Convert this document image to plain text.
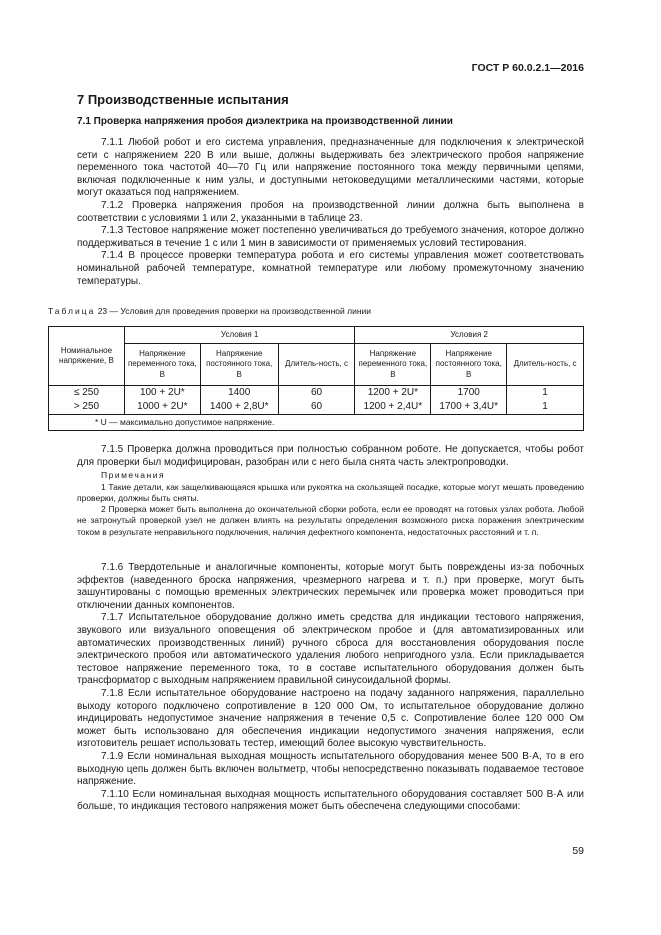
ГОСТ Р 60.0.2.1—2016
7 Производственные испытания
7.1 Проверка напряжения пробоя диэлектрика на производственной линии

7.1.1 Любой робот и его система управления, предназначенные для подключения к электрической сети с напряжением 220 В или выше, должны выдерживать без электрического пробоя напряжение переменного тока частотой 40—70 Гц или напряжение постоянного тока между первичными цепями, включая подключенные к ним узлы, и доступными нетоковедущими металлическими частями, которые могут оказаться под напряжением.

7.1.2 Проверка напряжения пробоя на производственной линии должна быть выполнена в соответствии с условиями 1 или 2, указанными в таблице 23.

7.1.3 Тестовое напряжение может постепенно увеличиваться до требуемого значения, которое должно поддерживаться в течение 1 с или 1 мин в зависимости от применяемых условий тестирования.

7.1.4 В процессе проверки температура робота и его системы управления может соответствовать номинальной рабочей температуре, комнатной температуре или любому промежуточному значению температуры.

Таблица 23 — Условия для проведения проверки на производственной линии
Номинальное напряжение, В	Условия 1			Условия 2		
	Напряжение переменного тока, В	Напряжение постоянного тока, В	Длитель-ность, с	Напряжение переменного тока, В	Напряжение постоянного тока, В	Длитель-ность, с
≤ 250	100 + 2U*	1400	60	1200 + 2U*	1700	1
> 250	1000 + 2U*	1400 + 2,8U*	60	1200 + 2,4U*	1700 + 3,4U*	1
* U — максимально допустимое напряжение.						

7.1.5 Проверка должна проводиться при полностью собранном роботе. Не допускается, чтобы робот для проверки был модифицирован, разобран или с него была снята часть электропроводки.

Примечания

1 Такие детали, как защелкивающаяся крышка или рукоятка на скользящей посадке, которые могут мешать проведению проверки, должны быть сняты.

2 Проверка может быть выполнена до окончательной сборки робота, если ее проводят на готовых узлах робота. Любой не затронутый проверкой узел не должен влиять на результаты определения возможного риска поражения электрическим током в результате неправильного подключения, наличия дефектного компонента, недостаточных расстояний и т. п.

7.1.6 Твердотельные и аналогичные компоненты, которые могут быть повреждены из-за побочных эффектов (наведенного броска напряжения, чрезмерного нагрева и т. п.) при проверке, могут быть зашунтированы с помощью временных электрических перемычек или проверка может проводиться при отключении данных компонентов.

7.1.7 Испытательное оборудование должно иметь средства для индикации тестового напряжения, звукового или визуального оповещения об электрическом пробое и (для автоматизированных или автоматических производственных линий) ручного сброса для восстановления оборудования после электрического пробоя или автоматического удаления любого непригодного узла. Если прикладывается тестовое напряжение переменного тока, то в составе испытательного оборудования должен быть трансформатор с выходным напряжением правильной синусоидальной формы.

7.1.8 Если испытательное оборудование настроено на подачу заданного напряжения, параллельно выходу которого подключено сопротивление в 120 000 Ом, то испытательное оборудование должно индицировать недопустимое значение напряжения в течение 0,5 с. Сопротивление более 120 000 Ом может быть использовано для обеспечения индикации недопустимого значения напряжения, если изготовитель решает использовать тестер, имеющий более высокую чувствительность.

7.1.9 Если номинальная выходная мощность испытательного оборудования менее 500 В·А, то в его выходную цепь должен быть включен вольтметр, чтобы непосредственно показывать подаваемое тестовое напряжение.

7.1.10 Если номинальная выходная мощность испытательного оборудования составляет 500 В·А или больше, то индикация тестового напряжения может быть обеспечена следующими способами:

59
